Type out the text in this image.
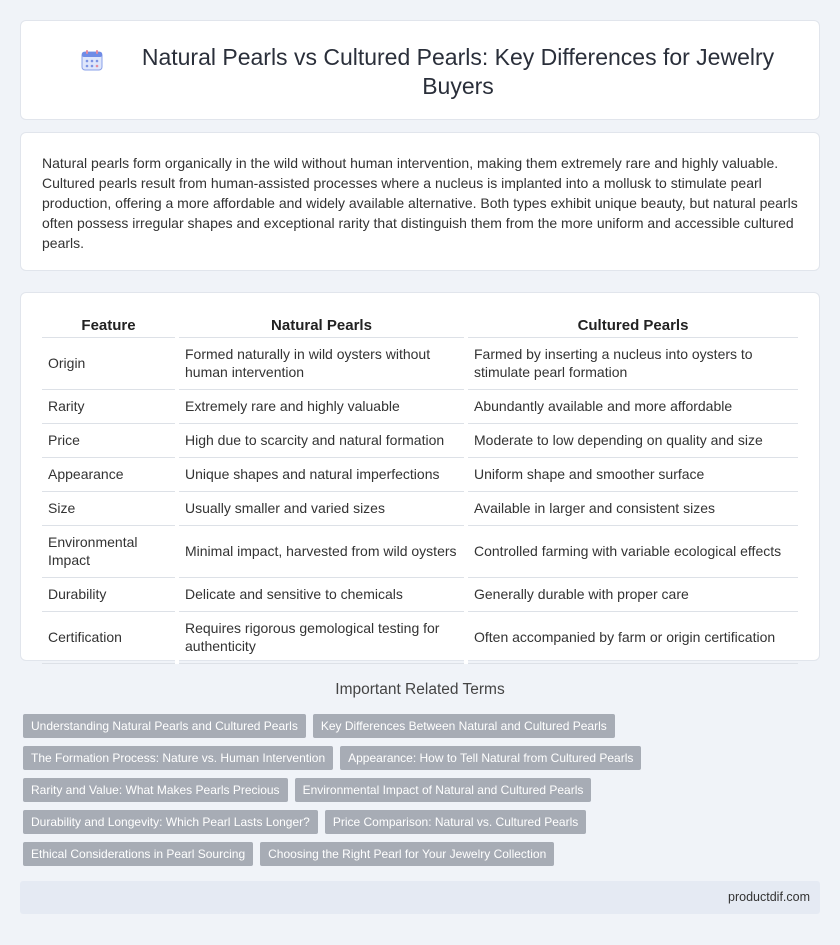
Natural Pearls vs Cultured Pearls: Key Differences for Jewelry Buyers

Natural pearls form organically in the wild without human intervention, making them extremely rare and highly valuable. Cultured pearls result from human-assisted processes where a nucleus is implanted into a mollusk to stimulate pearl production, offering a more affordable and widely available alternative. Both types exhibit unique beauty, but natural pearls often possess irregular shapes and exceptional rarity that distinguish them from the more uniform and accessible cultured pearls.

Feature	Natural Pearls	Cultured Pearls
Origin	Formed naturally in wild oysters without human intervention	Farmed by inserting a nucleus into oysters to stimulate pearl formation
Rarity	Extremely rare and highly valuable	Abundantly available and more affordable
Price	High due to scarcity and natural formation	Moderate to low depending on quality and size
Appearance	Unique shapes and natural imperfections	Uniform shape and smoother surface
Size	Usually smaller and varied sizes	Available in larger and consistent sizes
Environmental Impact	Minimal impact, harvested from wild oysters	Controlled farming with variable ecological effects
Durability	Delicate and sensitive to chemicals	Generally durable with proper care
Certification	Requires rigorous gemological testing for authenticity	Often accompanied by farm or origin certification
Important Related Terms
Understanding Natural Pearls and Cultured Pearls	Key Differences Between Natural and Cultured Pearls
The Formation Process: Nature vs. Human Intervention	Appearance: How to Tell Natural from Cultured Pearls
Rarity and Value: What Makes Pearls Precious	Environmental Impact of Natural and Cultured Pearls
Durability and Longevity: Which Pearl Lasts Longer?	Price Comparison: Natural vs. Cultured Pearls
Ethical Considerations in Pearl Sourcing	Choosing the Right Pearl for Your Jewelry Collection
productdif.com
